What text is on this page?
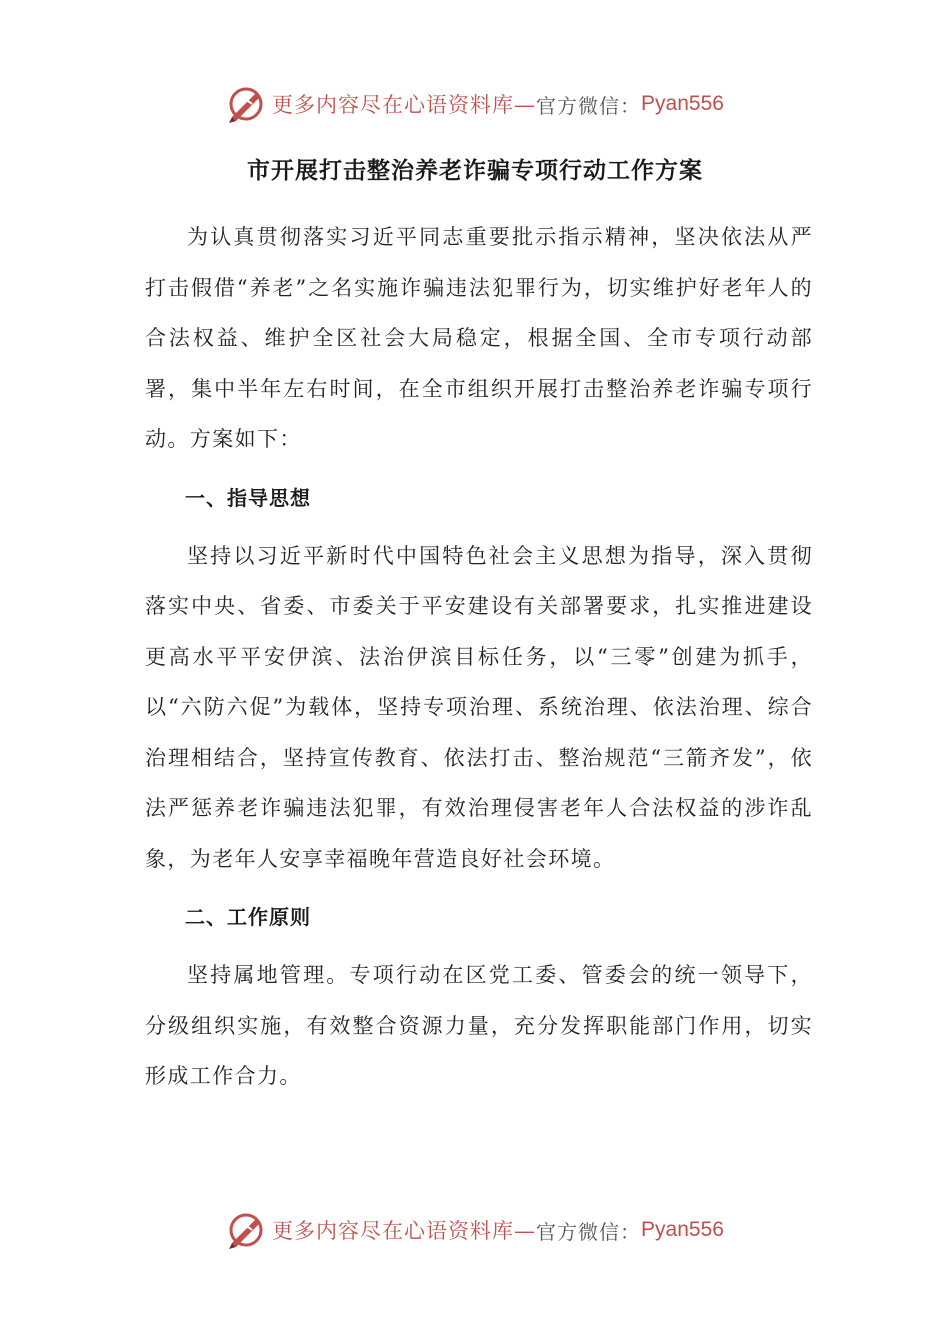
更多内容尽在心语资料库— 官方微信： Pyan556
市开展打击整治养老诈骗专项行动工作方案

为认真贯彻落实习近平同志重要批示指示精神，坚决依法从严打击假借“养老”之名实施诈骗违法犯罪行为，切实维护好老年人的合法权益、维护全区社会大局稳定，根据全国、全市专项行动部署，集中半年左右时间，在全市组织开展打击整治养老诈骗专项行动。方案如下：

一、指导思想

坚持以习近平新时代中国特色社会主义思想为指导，深入贯彻落实中央、省委、市委关于平安建设有关部署要求，扎实推进建设更高水平平安伊滨、法治伊滨目标任务，以“三零”创建为抓手，以“六防六促”为载体，坚持专项治理、系统治理、依法治理、综合治理相结合，坚持宣传教育、依法打击、整治规范“三箭齐发”，依法严惩养老诈骗违法犯罪，有效治理侵害老年人合法权益的涉诈乱象，为老年人安享幸福晚年营造良好社会环境。

二、工作原则

坚持属地管理。专项行动在区党工委、管委会的统一领导下，分级组织实施，有效整合资源力量，充分发挥职能部门作用，切实形成工作合力。

更多内容尽在心语资料库— 官方微信： Pyan556
